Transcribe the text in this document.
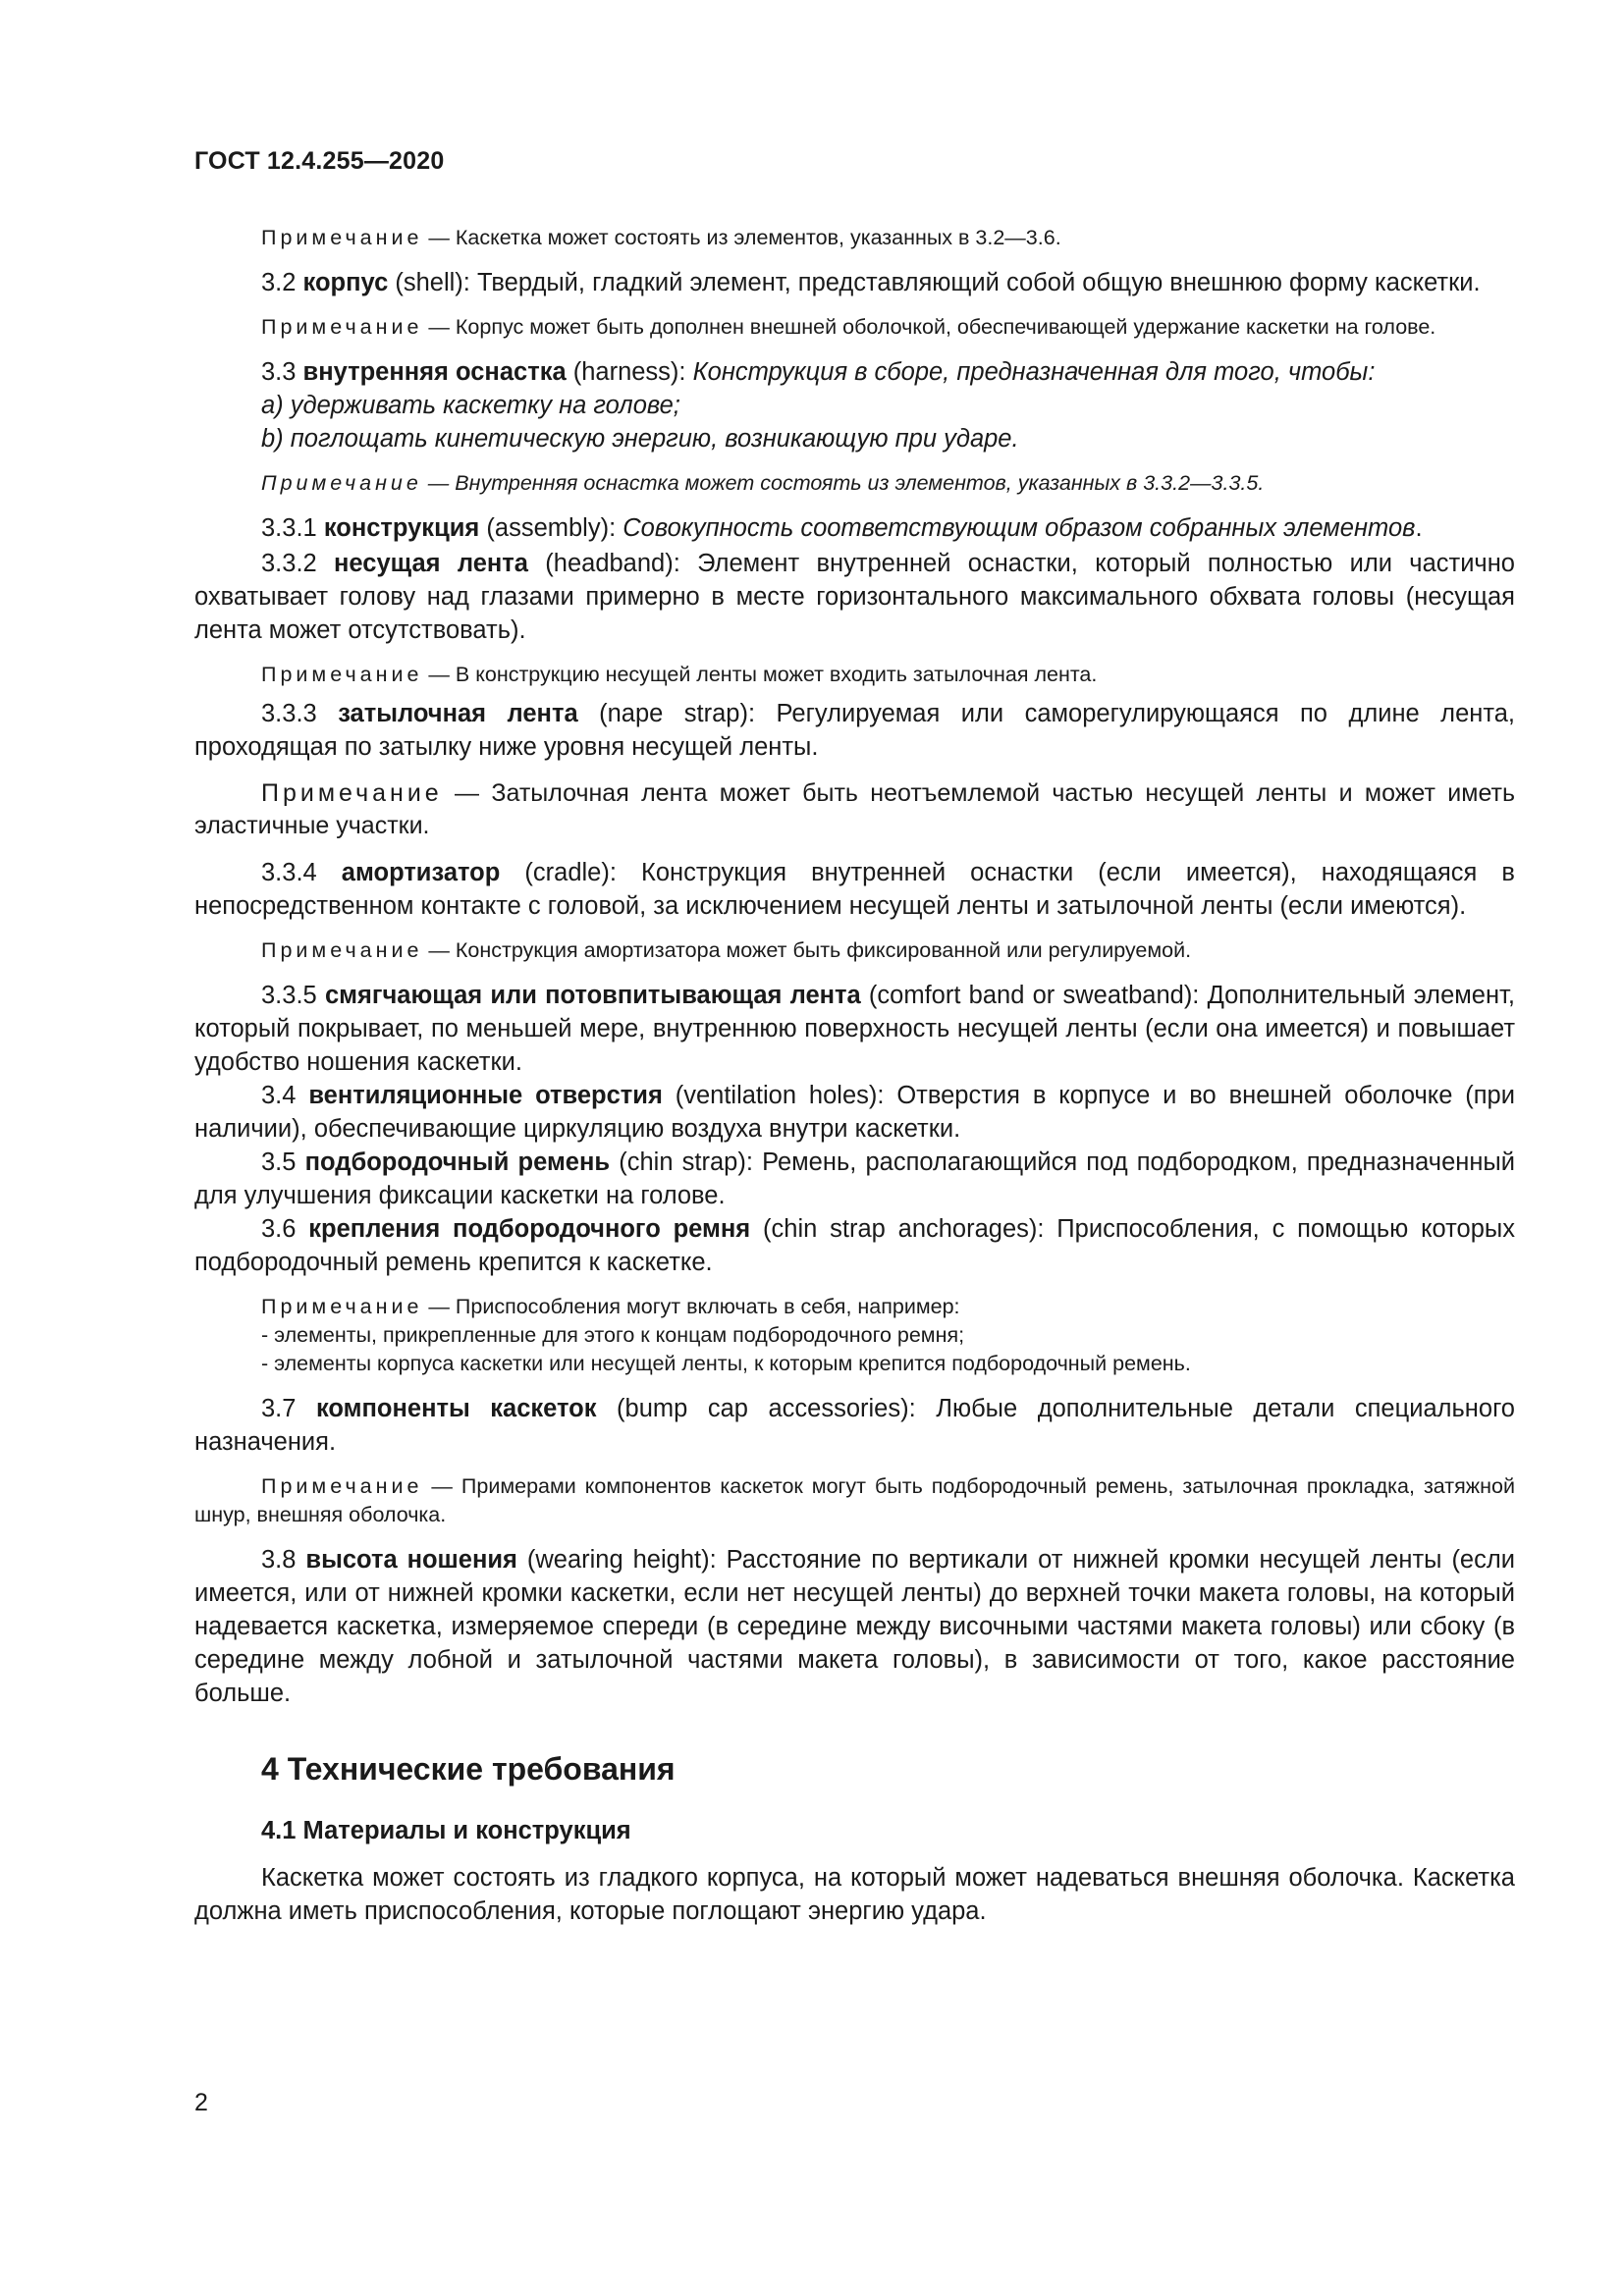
ГОСТ 12.4.255—2020

Примечание — Каскетка может состоять из элементов, указанных в 3.2—3.6.

3.2 корпус (shell): Твердый, гладкий элемент, представляющий собой общую внешнюю форму каскетки.

Примечание — Корпус может быть дополнен внешней оболочкой, обеспечивающей удержание каскетки на голове.

3.3 внутренняя оснастка (harness): Конструкция в сборе, предназначенная для того, чтобы:

a) удерживать каскетку на голове;

b) поглощать кинетическую энергию, возникающую при ударе.

Примечание — Внутренняя оснастка может состоять из элементов, указанных в 3.3.2—3.3.5.

3.3.1 конструкция (assembly): Совокупность соответствующим образом собранных элементов.

3.3.2 несущая лента (headband): Элемент внутренней оснастки, который полностью или частично охватывает голову над глазами примерно в месте горизонтального максимального обхвата головы (несущая лента может отсутствовать).

Примечание — В конструкцию несущей ленты может входить затылочная лента.

3.3.3 затылочная лента (nape strap): Регулируемая или саморегулирующаяся по длине лента, проходящая по затылку ниже уровня несущей ленты.

Примечание — Затылочная лента может быть неотъемлемой частью несущей ленты и может иметь эластичные участки.

3.3.4 амортизатор (cradle): Конструкция внутренней оснастки (если имеется), находящаяся в непосредственном контакте с головой, за исключением несущей ленты и затылочной ленты (если имеются).

Примечание — Конструкция амортизатора может быть фиксированной или регулируемой.

3.3.5 смягчающая или потовпитывающая лента (comfort band or sweatband): Дополнительный элемент, который покрывает, по меньшей мере, внутреннюю поверхность несущей ленты (если она имеется) и повышает удобство ношения каскетки.

3.4 вентиляционные отверстия (ventilation holes): Отверстия в корпусе и во внешней оболочке (при наличии), обеспечивающие циркуляцию воздуха внутри каскетки.

3.5 подбородочный ремень (chin strap): Ремень, располагающийся под подбородком, предназначенный для улучшения фиксации каскетки на голове.

3.6 крепления подбородочного ремня (chin strap anchorages): Приспособления, с помощью которых подбородочный ремень крепится к каскетке.

Примечание — Приспособления могут включать в себя, например:

- элементы, прикрепленные для этого к концам подбородочного ремня;

- элементы корпуса каскетки или несущей ленты, к которым крепится подбородочный ремень.

3.7 компоненты каскеток (bump cap accessories): Любые дополнительные детали специального назначения.

Примечание — Примерами компонентов каскеток могут быть подбородочный ремень, затылочная прокладка, затяжной шнур, внешняя оболочка.

3.8 высота ношения (wearing height): Расстояние по вертикали от нижней кромки несущей ленты (если имеется, или от нижней кромки каскетки, если нет несущей ленты) до верхней точки макета головы, на который надевается каскетка, измеряемое спереди (в середине между височными частями макета головы) или сбоку (в середине между лобной и затылочной частями макета головы), в зависимости от того, какое расстояние больше.

4 Технические требования
4.1 Материалы и конструкция

Каскетка может состоять из гладкого корпуса, на который может надеваться внешняя оболочка. Каскетка должна иметь приспособления, которые поглощают энергию удара.

2
